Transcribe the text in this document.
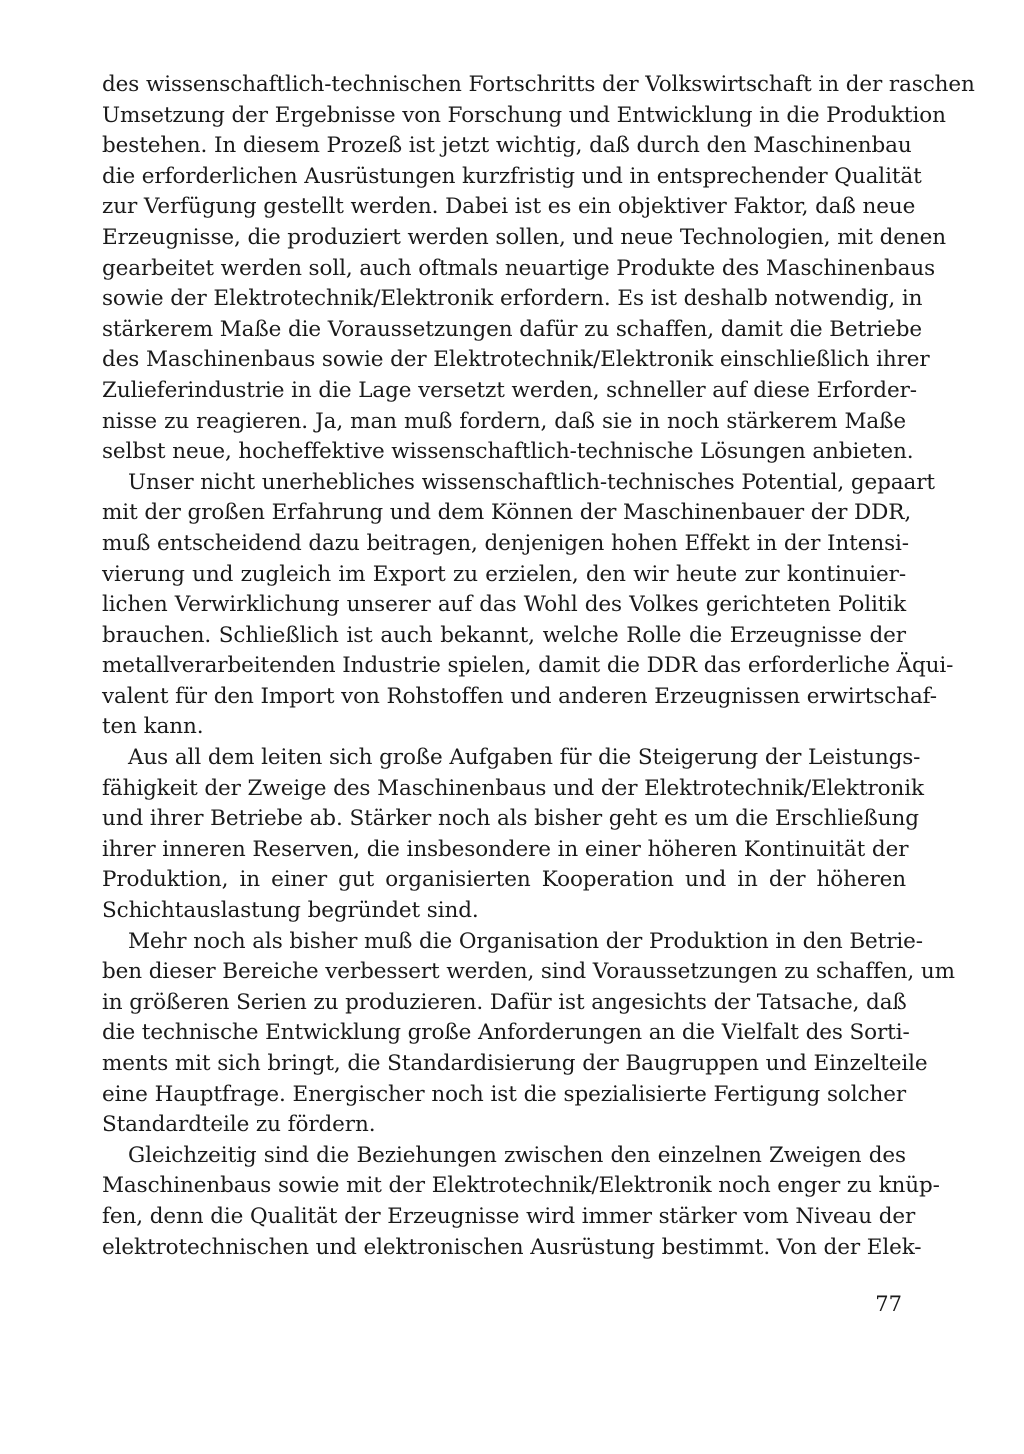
des wissenschaftlich-technischen Fortschritts der Volkswirtschaft in der raschen
Umsetzung der Ergebnisse von Forschung und Entwicklung in die Produktion
bestehen. In diesem Prozeß ist jetzt wichtig, daß durch den Maschinenbau
die erforderlichen Ausrüstungen kurzfristig und in entsprechender Qualität
zur Verfügung gestellt werden. Dabei ist es ein objektiver Faktor, daß neue
Erzeugnisse, die produziert werden sollen, und neue Technologien, mit denen
gearbeitet werden soll, auch oftmals neuartige Produkte des Maschinenbaus
sowie der Elektrotechnik/Elektronik erfordern. Es ist deshalb notwendig, in
stärkerem Maße die Voraussetzungen dafür zu schaffen, damit die Betriebe
des Maschinenbaus sowie der Elektrotechnik/Elektronik einschließlich ihrer
Zulieferindustrie in die Lage versetzt werden, schneller auf diese Erforder-
nisse zu reagieren. Ja, man muß fordern, daß sie in noch stärkerem Maße
selbst neue, hocheffektive wissenschaftlich-technische Lösungen anbieten.
Unser nicht unerhebliches wissenschaftlich-technisches Potential, gepaart
mit der großen Erfahrung und dem Können der Maschinenbauer der DDR,
muß entscheidend dazu beitragen, denjenigen hohen Effekt in der Intensi-
vierung und zugleich im Export zu erzielen, den wir heute zur kontinuier-
lichen Verwirklichung unserer auf das Wohl des Volkes gerichteten Politik
brauchen. Schließlich ist auch bekannt, welche Rolle die Erzeugnisse der
metallverarbeitenden Industrie spielen, damit die DDR das erforderliche Äqui-
valent für den Import von Rohstoffen und anderen Erzeugnissen erwirtschaf-
ten kann.
Aus all dem leiten sich große Aufgaben für die Steigerung der Leistungs-
fähigkeit der Zweige des Maschinenbaus und der Elektrotechnik/Elektronik
und ihrer Betriebe ab. Stärker noch als bisher geht es um die Erschließung
ihrer inneren Reserven, die insbesondere in einer höheren Kontinuität der
Produktion, in einer gut organisierten Kooperation und in der höheren
Schichtauslastung begründet sind.
Mehr noch als bisher muß die Organisation der Produktion in den Betrie-
ben dieser Bereiche verbessert werden, sind Voraussetzungen zu schaffen, um
in größeren Serien zu produzieren. Dafür ist angesichts der Tatsache, daß
die technische Entwicklung große Anforderungen an die Vielfalt des Sorti-
ments mit sich bringt, die Standardisierung der Baugruppen und Einzelteile
eine Hauptfrage. Energischer noch ist die spezialisierte Fertigung solcher
Standardteile zu fördern.
Gleichzeitig sind die Beziehungen zwischen den einzelnen Zweigen des
Maschinenbaus sowie mit der Elektrotechnik/Elektronik noch enger zu knüp-
fen, denn die Qualität der Erzeugnisse wird immer stärker vom Niveau der
elektrotechnischen und elektronischen Ausrüstung bestimmt. Von der Elek-
77
